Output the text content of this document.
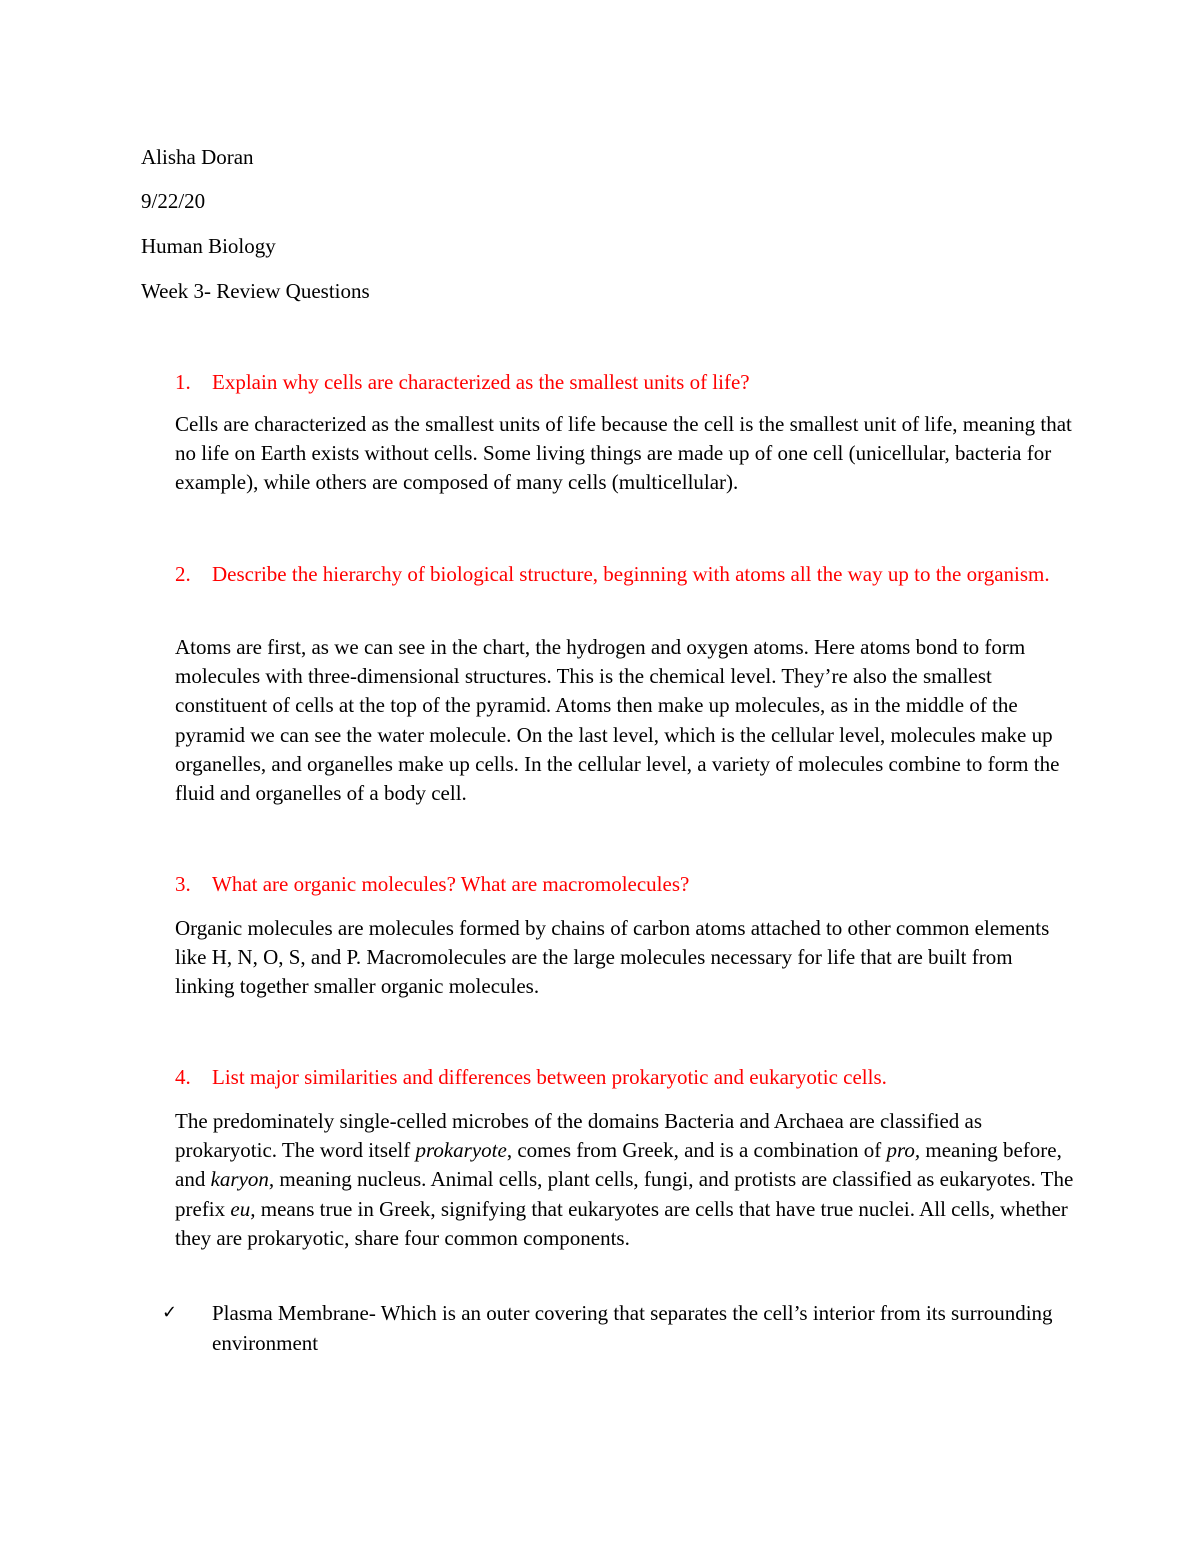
Alisha Doran

9/22/20

Human Biology

Week 3- Review Questions

1. Explain why cells are characterized as the smallest units of life?

Cells are characterized as the smallest units of life because the cell is the smallest unit of life, meaning that no life on Earth exists without cells. Some living things are made up of one cell (unicellular, bacteria for example), while others are composed of many cells (multicellular).

2. Describe the hierarchy of biological structure, beginning with atoms all the way up to the organism.

Atoms are first, as we can see in the chart, the hydrogen and oxygen atoms. Here atoms bond to form molecules with three-dimensional structures. This is the chemical level. They’re also the smallest constituent of cells at the top of the pyramid. Atoms then make up molecules, as in the middle of the pyramid we can see the water molecule. On the last level, which is the cellular level, molecules make up organelles, and organelles make up cells. In the cellular level, a variety of molecules combine to form the fluid and organelles of a body cell.

3. What are organic molecules? What are macromolecules?

Organic molecules are molecules formed by chains of carbon atoms attached to other common elements like H, N, O, S, and P. Macromolecules are the large molecules necessary for life that are built from linking together smaller organic molecules.

4. List major similarities and differences between prokaryotic and eukaryotic cells.

The predominately single-celled microbes of the domains Bacteria and Archaea are classified as prokaryotic. The word itself prokaryote, comes from Greek, and is a combination of pro, meaning before, and karyon, meaning nucleus. Animal cells, plant cells, fungi, and protists are classified as eukaryotes. The prefix eu, means true in Greek, signifying that eukaryotes are cells that have true nuclei. All cells, whether they are prokaryotic, share four common components.

✓ Plasma Membrane- Which is an outer covering that separates the cell’s interior from its surrounding environment
